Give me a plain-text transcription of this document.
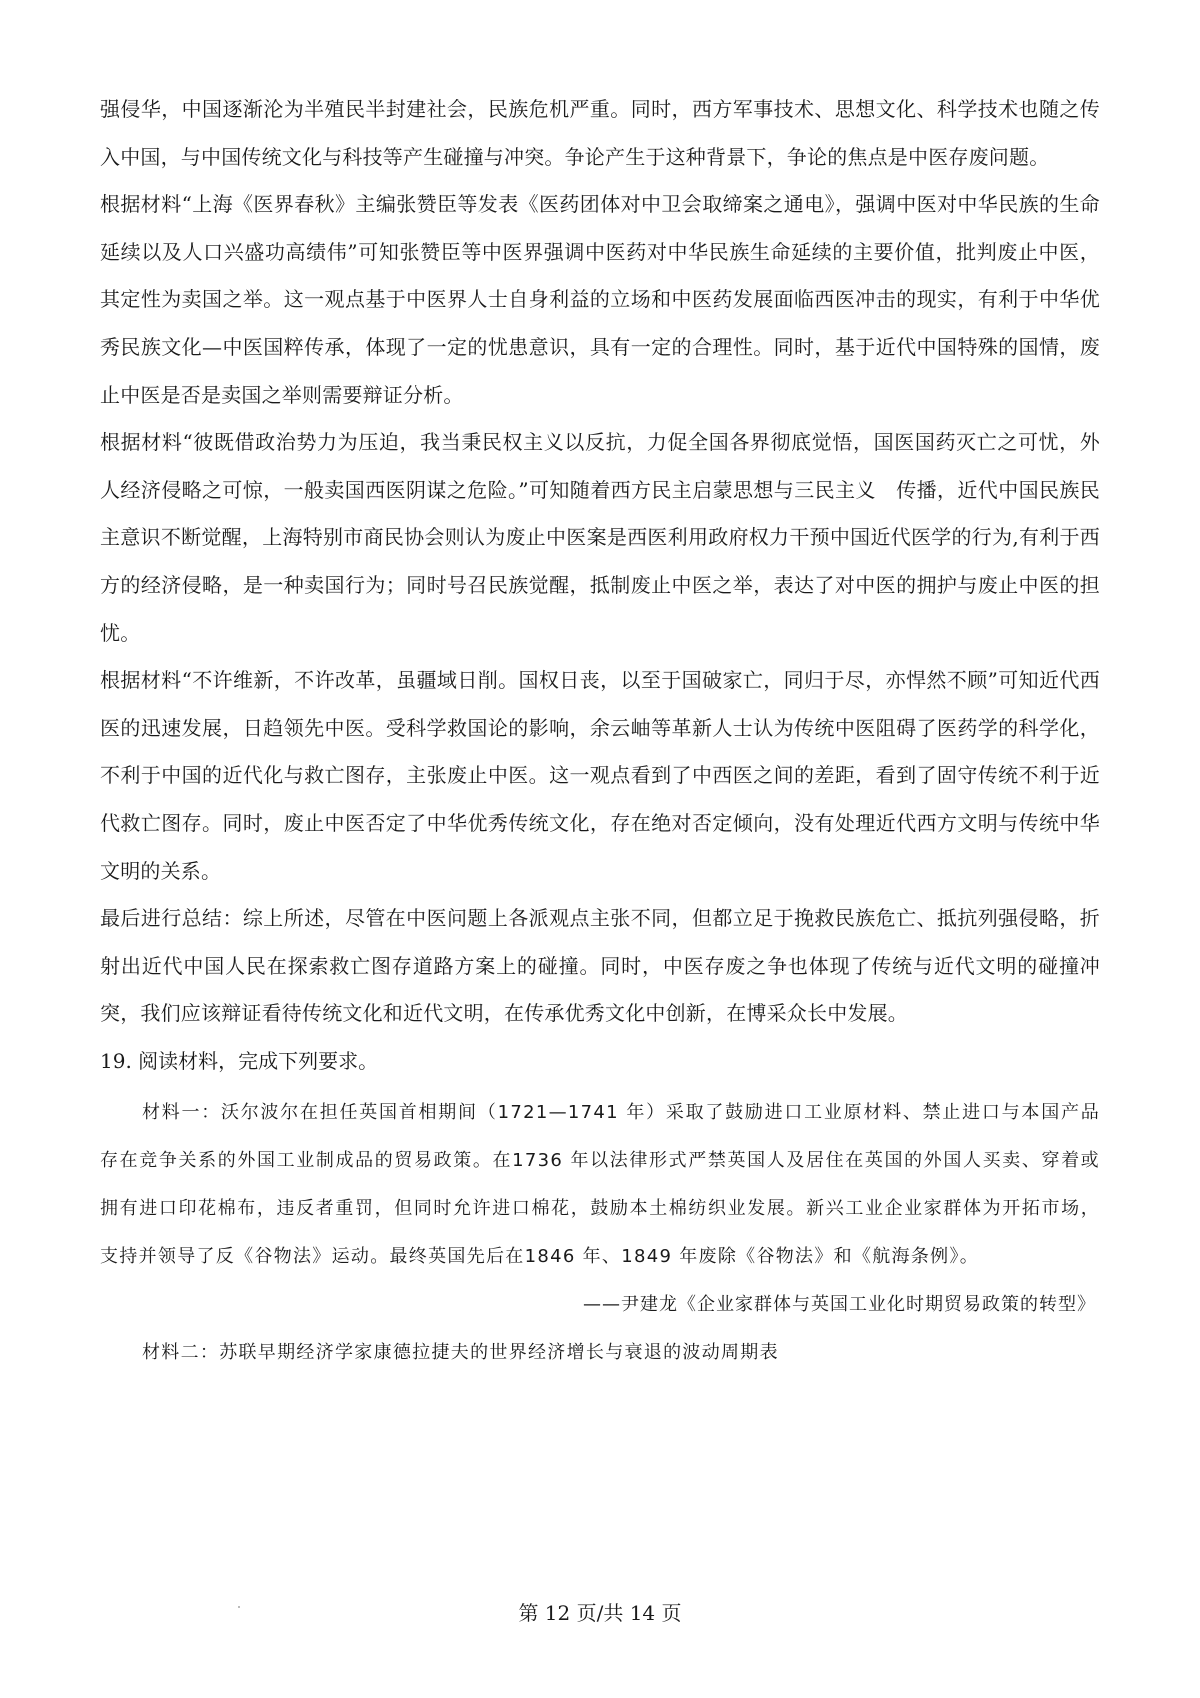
强侵华，中国逐渐沦为半殖民半封建社会，民族危机严重。同时，西方军事技术、思想文化、科学技术也随之传入中国，与中国传统文化与科技等产生碰撞与冲突。争论产生于这种背景下，争论的焦点是中医存废问题。

根据材料“上海《医界春秋》主编张赞臣等发表《医药团体对中卫会取缔案之通电》，强调中医对中华民族的生命延续以及人口兴盛功高绩伟”可知张赞臣等中医界强调中医药对中华民族生命延续的主要价值，批判废止中医，其定性为卖国之举。这一观点基于中医界人士自身利益的立场和中医药发展面临西医冲击的现实，有利于中华优秀民族文化—中医国粹传承，体现了一定的忧患意识，具有一定的合理性。同时，基于近代中国特殊的国情，废止中医是否是卖国之举则需要辩证分析。

根据材料“彼既借政治势力为压迫，我当秉民权主义以反抗，力促全国各界彻底觉悟，国医国药灭亡之可忧，外人经济侵略之可惊，一般卖国西医阴谋之危险。”可知随着西方民主启蒙思想与三民主义　传播，近代中国民族民主意识不断觉醒，上海特别市商民协会则认为废止中医案是西医利用政府权力干预中国近代医学的行为,有利于西方的经济侵略，是一种卖国行为；同时号召民族觉醒，抵制废止中医之举，表达了对中医的拥护与废止中医的担忧。

根据材料“不许维新，不许改革，虽疆域日削。国权日丧，以至于国破家亡，同归于尽，亦悍然不顾”可知近代西医的迅速发展，日趋领先中医。受科学救国论的影响，余云岫等革新人士认为传统中医阻碍了医药学的科学化，不利于中国的近代化与救亡图存，主张废止中医。这一观点看到了中西医之间的差距，看到了固守传统不利于近代救亡图存。同时，废止中医否定了中华优秀传统文化，存在绝对否定倾向，没有处理近代西方文明与传统中华文明的关系。

最后进行总结：综上所述，尽管在中医问题上各派观点主张不同，但都立足于挽救民族危亡、抵抗列强侵略，折射出近代中国人民在探索救亡图存道路方案上的碰撞。同时，中医存废之争也体现了传统与近代文明的碰撞冲突，我们应该辩证看待传统文化和近代文明，在传承优秀文化中创新，在博采众长中发展。

19. 阅读材料，完成下列要求。

材料一：沃尔波尔在担任英国首相期间（1721—1741 年）采取了鼓励进口工业原材料、禁止进口与本国产品存在竞争关系的外国工业制成品的贸易政策。在1736 年以法律形式严禁英国人及居住在英国的外国人买卖、穿着或拥有进口印花棉布，违反者重罚，但同时允许进口棉花，鼓励本土棉纺织业发展。新兴工业企业家群体为开拓市场，支持并领导了反《谷物法》运动。最终英国先后在1846 年、1849 年废除《谷物法》和《航海条例》。

——尹建龙《企业家群体与英国工业化时期贸易政策的转型》

材料二：苏联早期经济学家康德拉捷夫的世界经济增长与衰退的波动周期表

第 12 页/共 14 页
